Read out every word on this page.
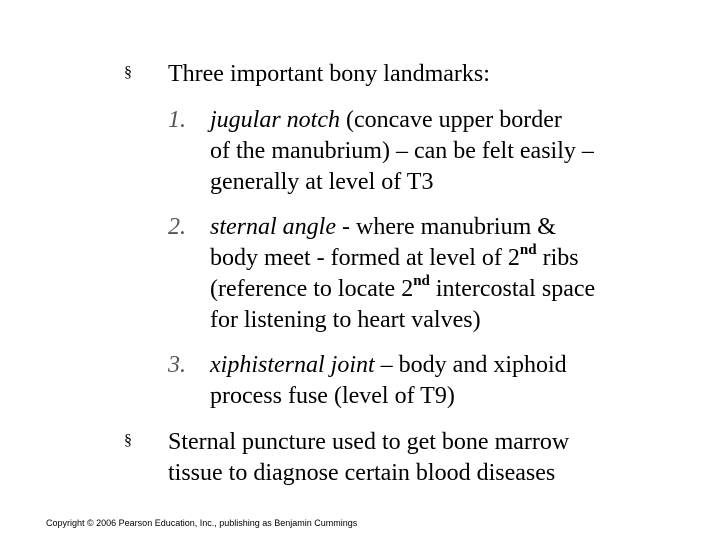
§	Three important bony landmarks:
1. jugular notch (concave upper border
of the manubrium) – can be felt easily –
generally at level of T3
2. sternal angle - where manubrium &
body meet - formed at level of 2nd ribs
(reference to locate 2nd intercostal space
for listening to heart valves)
3. xiphisternal joint – body and xiphoid
process fuse (level of T9)
§	Sternal puncture used to get bone marrow
tissue to diagnose certain blood diseases
Copyright © 2006 Pearson Education, Inc., publishing as Benjamin Cummings
